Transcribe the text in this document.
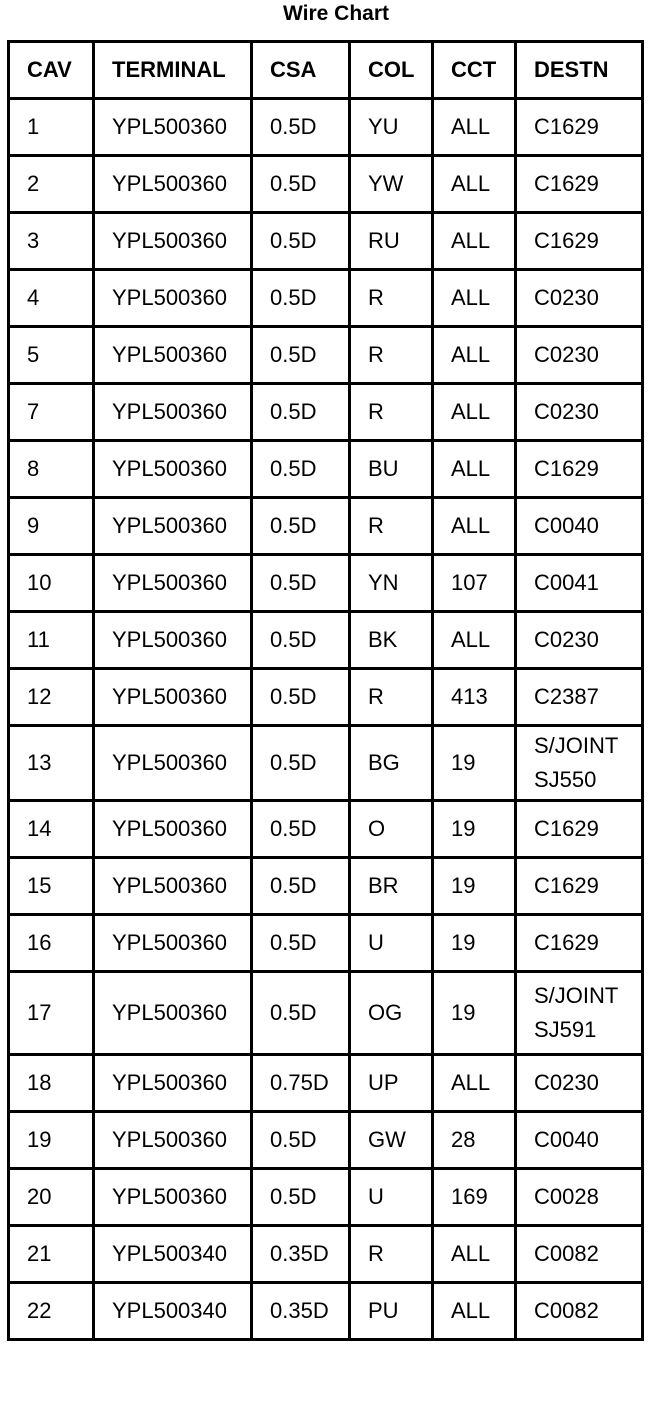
Wire Chart
CAV	TERMINAL	CSA	COL	CCT	DESTN
1	YPL500360	0.5D	YU	ALL	C1629
2	YPL500360	0.5D	YW	ALL	C1629
3	YPL500360	0.5D	RU	ALL	C1629
4	YPL500360	0.5D	R	ALL	C0230
5	YPL500360	0.5D	R	ALL	C0230
7	YPL500360	0.5D	R	ALL	C0230
8	YPL500360	0.5D	BU	ALL	C1629
9	YPL500360	0.5D	R	ALL	C0040
10	YPL500360	0.5D	YN	107	C0041
11	YPL500360	0.5D	BK	ALL	C0230
12	YPL500360	0.5D	R	413	C2387
13	YPL500360	0.5D	BG	19	S/JOINT SJ550

14	YPL500360	0.5D	O	19	C1629
15	YPL500360	0.5D	BR	19	C1629
16	YPL500360	0.5D	U	19	C1629
17	YPL500360	0.5D	OG	19	S/JOINT SJ591

18	YPL500360	0.75D	UP	ALL	C0230
19	YPL500360	0.5D	GW	28	C0040
20	YPL500360	0.5D	U	169	C0028
21	YPL500340	0.35D	R	ALL	C0082
22	YPL500340	0.35D	PU	ALL	C0082
